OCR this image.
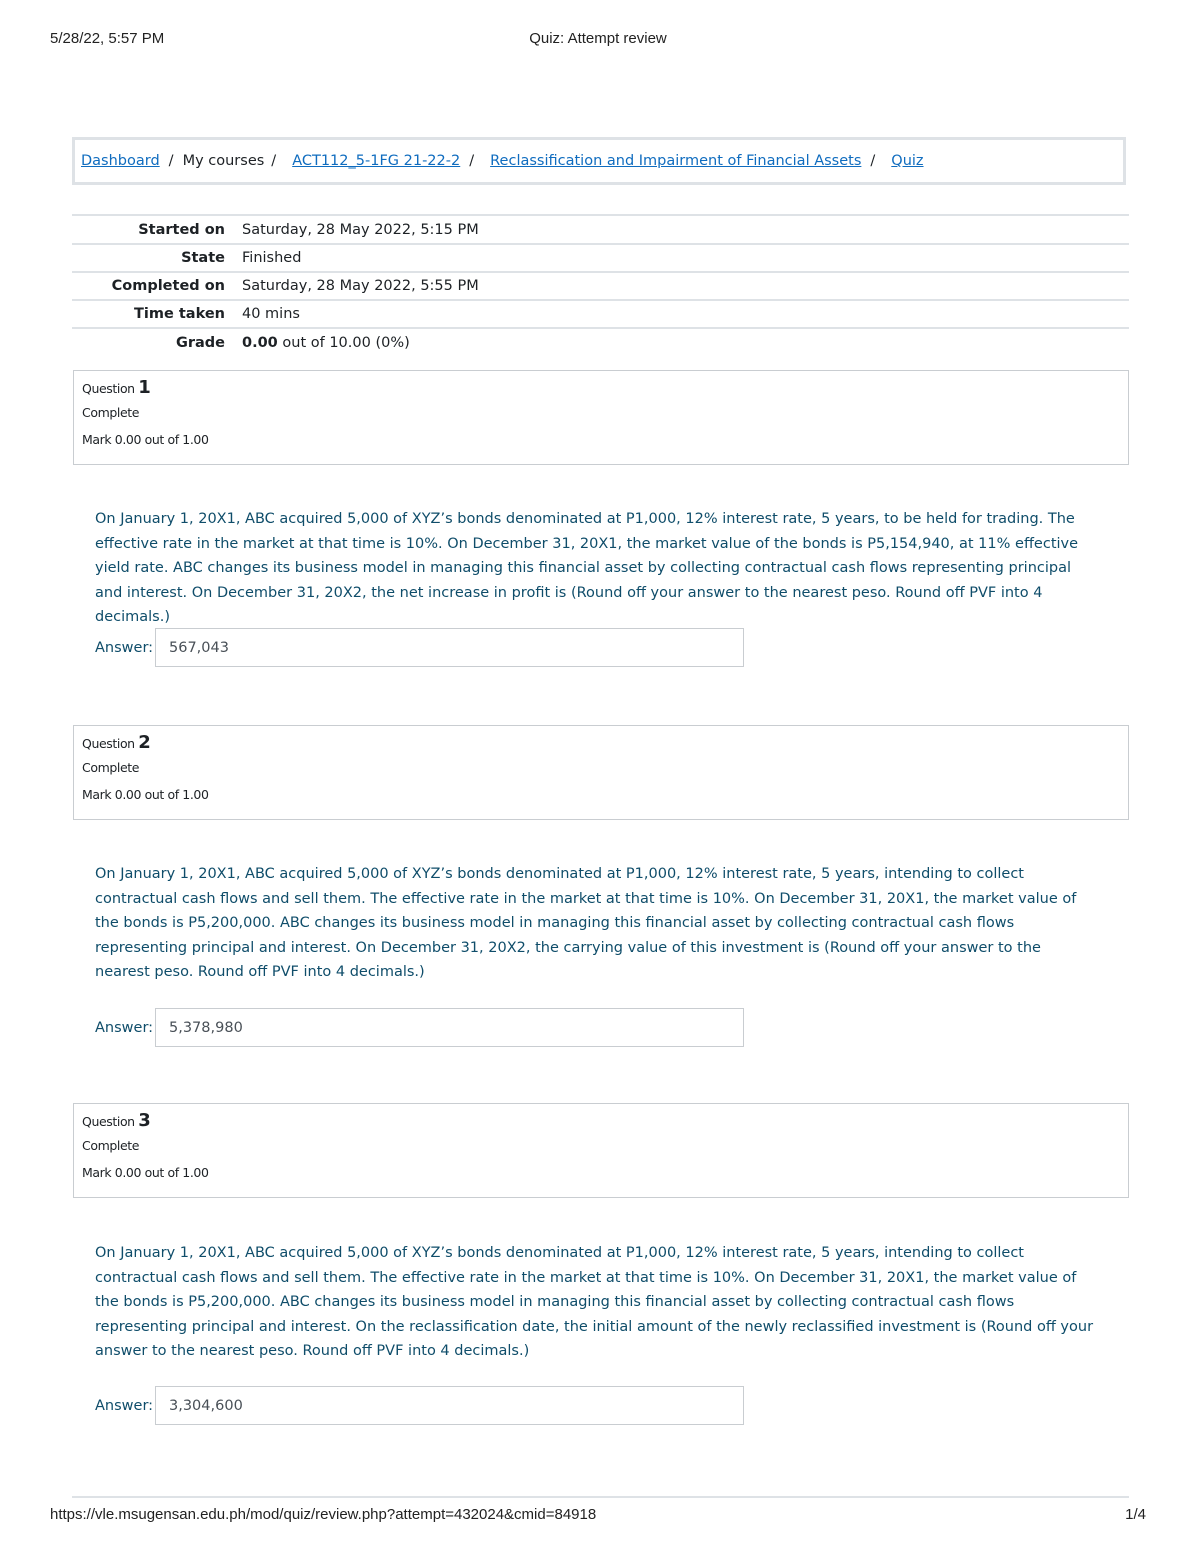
5/28/22, 5:57 PM	Quiz: Attempt review
Dashboard / My courses / ACT112_5-1FG 21-22-2 / Reclassification and Impairment of Financial Assets / Quiz
Started on	Saturday, 28 May 2022, 5:15 PM
State	Finished
Completed on	Saturday, 28 May 2022, 5:55 PM
Time taken	40 mins
Grade	0.00 out of 10.00 (0%)
Question 1
Complete
Mark 0.00 out of 1.00
On January 1, 20X1, ABC acquired 5,000 of XYZ’s bonds denominated at P1,000, 12% interest rate, 5 years, to be held for trading. The effective rate in the market at that time is 10%. On December 31, 20X1, the market value of the bonds is P5,154,940, at 11% effective yield rate. ABC changes its business model in managing this financial asset by collecting contractual cash flows representing principal and interest. On December 31, 20X2, the net increase in profit is (Round off your answer to the nearest peso. Round off PVF into 4 decimals.)
Answer:	567,043
Question 2
Complete
Mark 0.00 out of 1.00
On January 1, 20X1, ABC acquired 5,000 of XYZ’s bonds denominated at P1,000, 12% interest rate, 5 years, intending to collect contractual cash flows and sell them. The effective rate in the market at that time is 10%. On December 31, 20X1, the market value of the bonds is P5,200,000. ABC changes its business model in managing this financial asset by collecting contractual cash flows representing principal and interest. On December 31, 20X2, the carrying value of this investment is (Round off your answer to the nearest peso. Round off PVF into 4 decimals.)
Answer:	5,378,980
Question 3
Complete
Mark 0.00 out of 1.00
On January 1, 20X1, ABC acquired 5,000 of XYZ’s bonds denominated at P1,000, 12% interest rate, 5 years, intending to collect contractual cash flows and sell them. The effective rate in the market at that time is 10%. On December 31, 20X1, the market value of the bonds is P5,200,000. ABC changes its business model in managing this financial asset by collecting contractual cash flows representing principal and interest. On the reclassification date, the initial amount of the newly reclassified investment is (Round off your answer to the nearest peso. Round off PVF into 4 decimals.)
Answer:	3,304,600
https://vle.msugensan.edu.ph/mod/quiz/review.php?attempt=432024&cmid=84918	1/4
